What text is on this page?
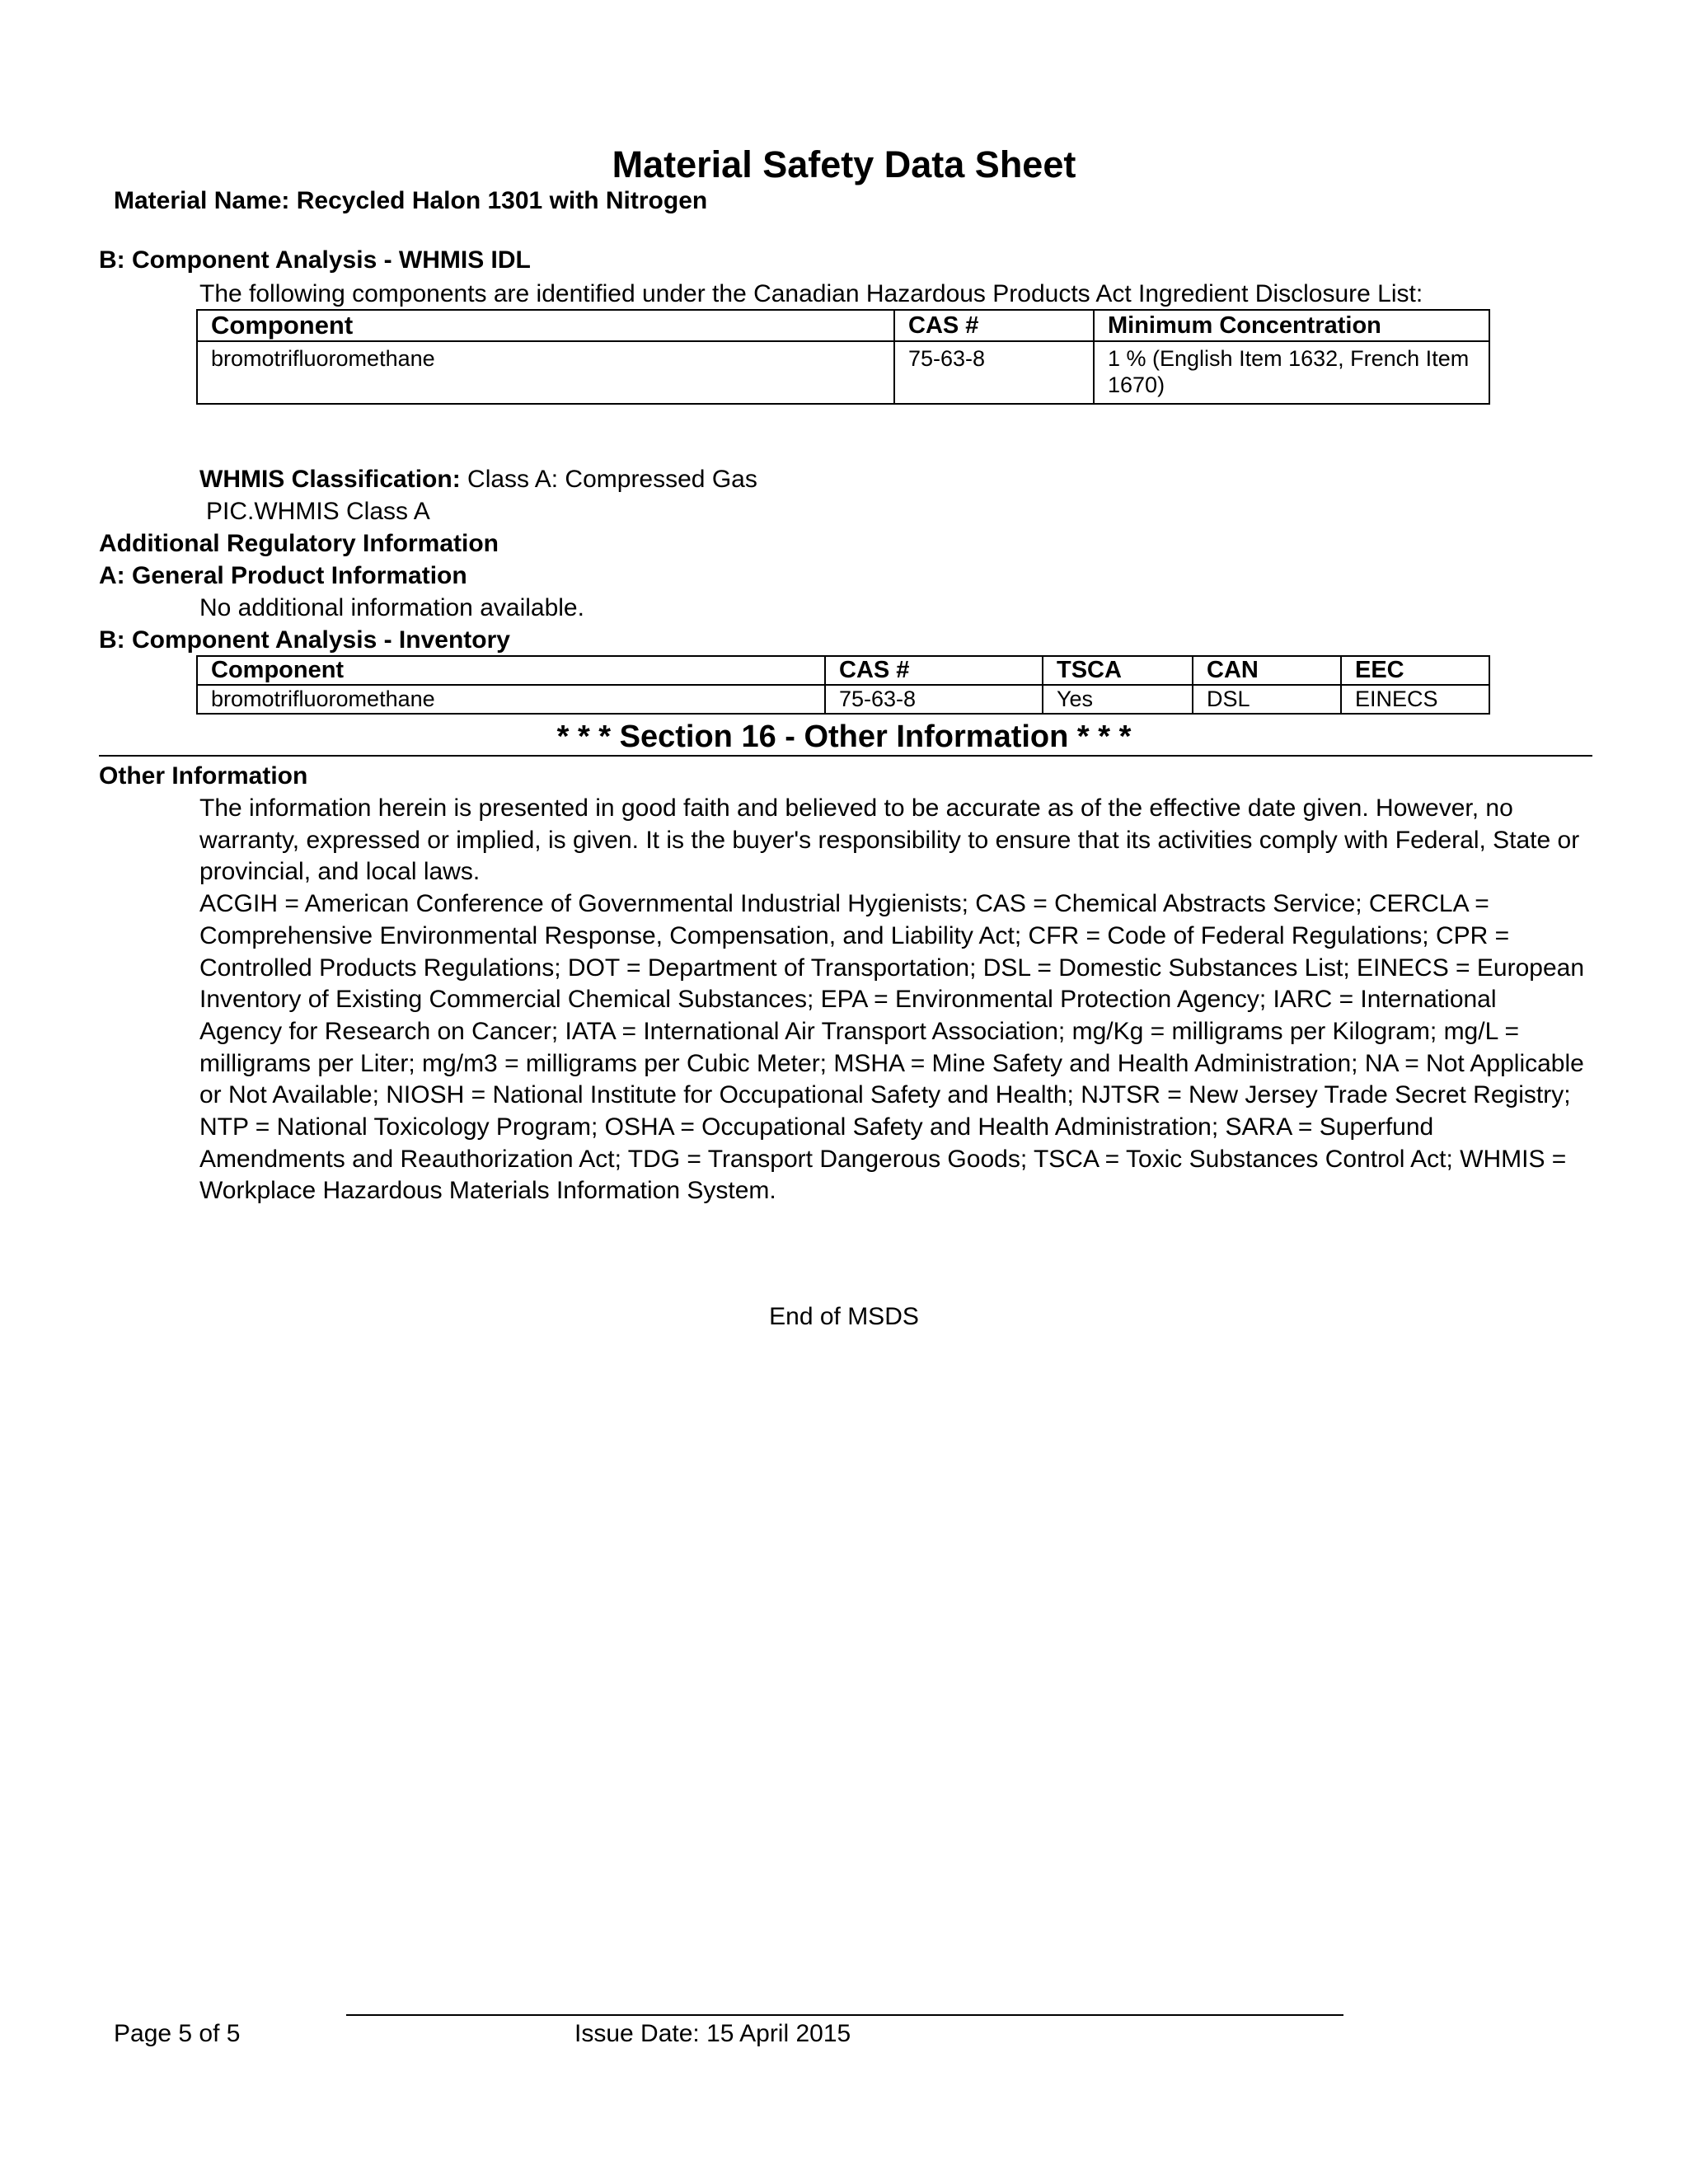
Material Safety Data Sheet
Material Name: Recycled Halon 1301 with Nitrogen
B: Component Analysis - WHMIS IDL
The following components are identified under the Canadian Hazardous Products Act Ingredient Disclosure List:
Component	CAS #	Minimum Concentration
bromotrifluoromethane	75-63-8	1 % (English Item 1632, French Item 1670)
WHMIS Classification: Class A: Compressed Gas
PIC.WHMIS Class A
Additional Regulatory Information
A: General Product Information
No additional information available.
B: Component Analysis - Inventory
Component	CAS #	TSCA	CAN	EEC
bromotrifluoromethane	75-63-8	Yes	DSL	EINECS
* * * Section 16 - Other Information * * *
Other Information

The information herein is presented in good faith and believed to be accurate as of the effective date given. However, no warranty, expressed or implied, is given. It is the buyer's responsibility to ensure that its activities comply with Federal, State or provincial, and local laws.

ACGIH = American Conference of Governmental Industrial Hygienists; CAS = Chemical Abstracts Service; CERCLA = Comprehensive Environmental Response, Compensation, and Liability Act; CFR = Code of Federal Regulations; CPR = Controlled Products Regulations; DOT = Department of Transportation; DSL = Domestic Substances List; EINECS = European Inventory of Existing Commercial Chemical Substances; EPA = Environmental Protection Agency; IARC = International Agency for Research on Cancer; IATA = International Air Transport Association; mg/Kg = milligrams per Kilogram; mg/L = milligrams per Liter; mg/m3 = milligrams per Cubic Meter; MSHA = Mine Safety and Health Administration; NA = Not Applicable or Not Available; NIOSH = National Institute for Occupational Safety and Health; NJTSR = New Jersey Trade Secret Registry; NTP = National Toxicology Program; OSHA = Occupational Safety and Health Administration; SARA = Superfund Amendments and Reauthorization Act; TDG = Transport Dangerous Goods; TSCA = Toxic Substances Control Act; WHMIS = Workplace Hazardous Materials Information System.

End of MSDS
Page 5 of 5	Issue Date: 15 April 2015
